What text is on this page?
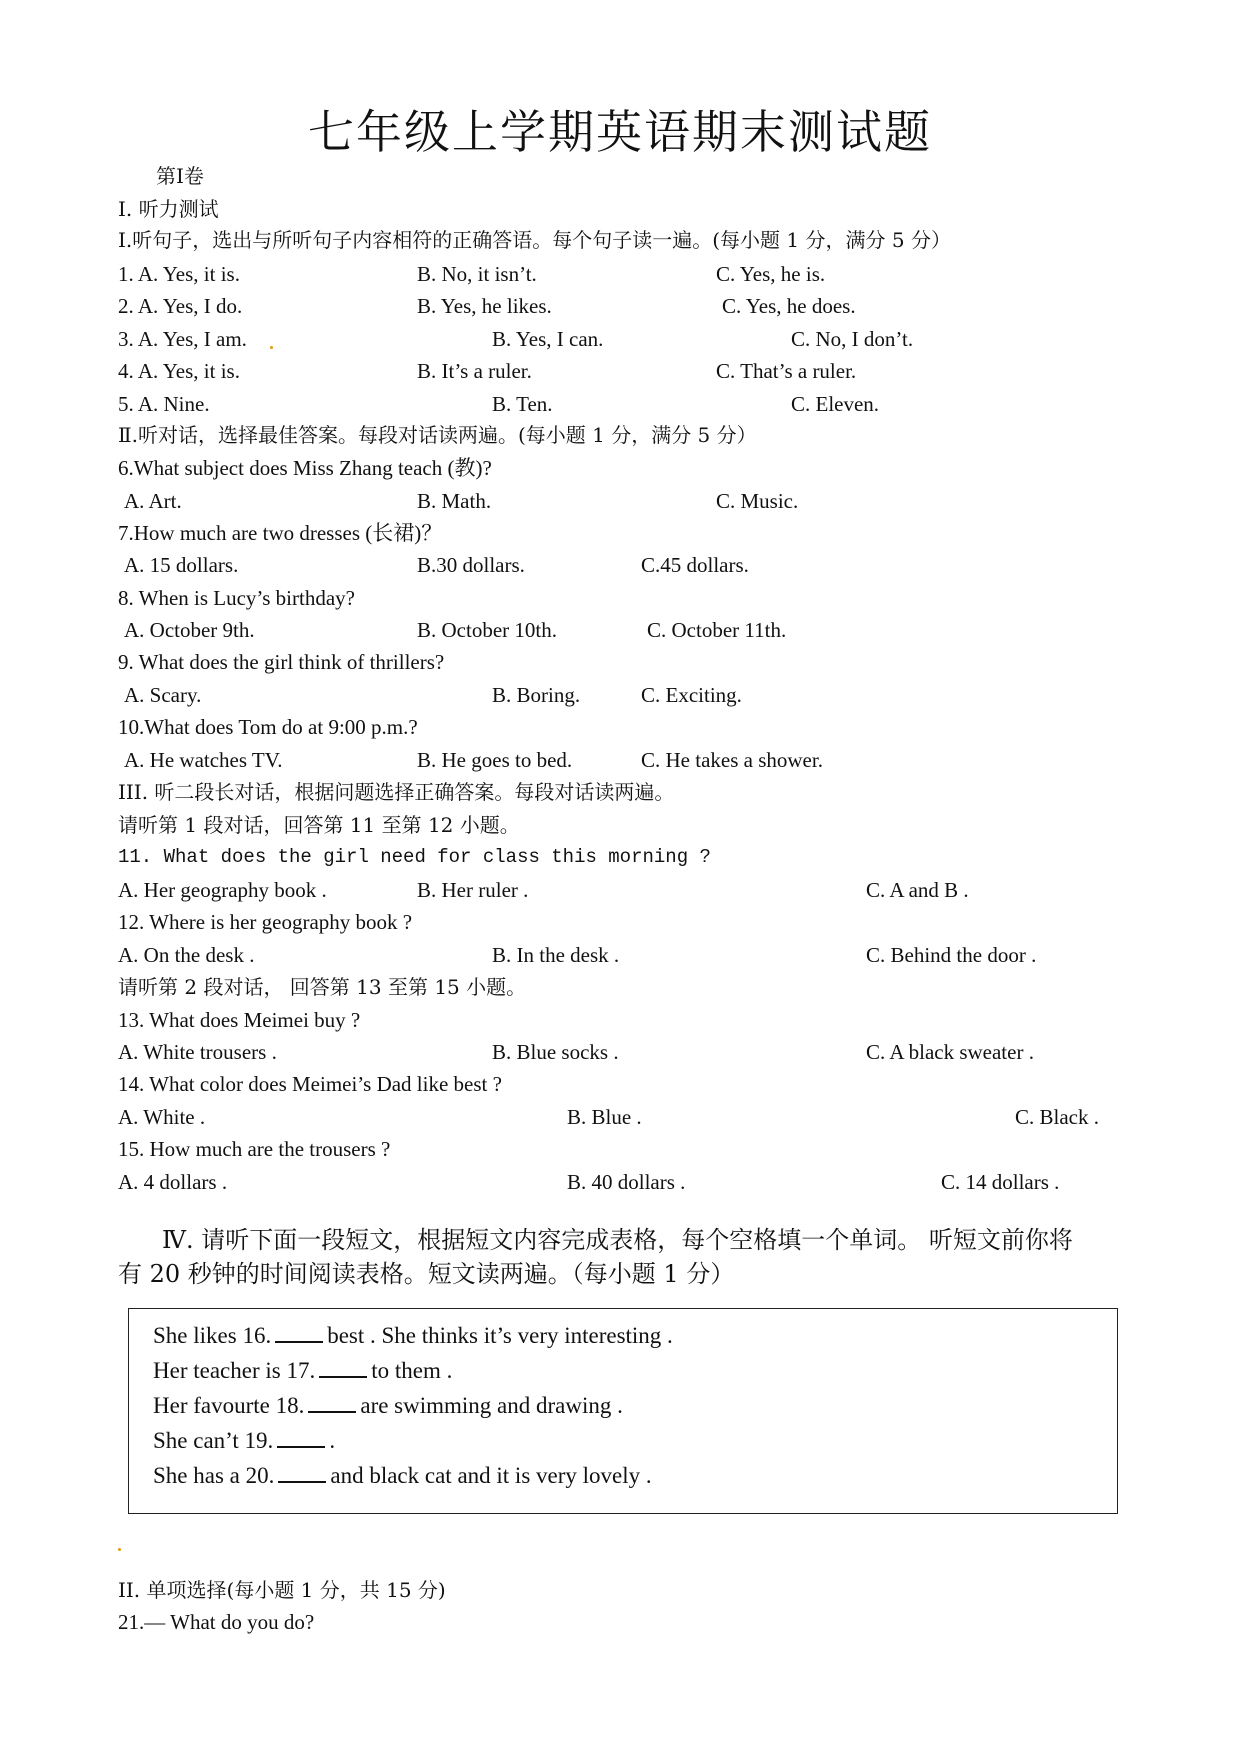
七年级上学期英语期末测试题
第Ⅰ卷
I. 听力测试
Ⅰ.听句子，选出与所听句子内容相符的正确答语。每个句子读一遍。(每小题 1 分，满分 5 分）
1. A. Yes, it is.	B. No, it isn’t.	C. Yes, he is.
2. A. Yes, I do.	B. Yes, he likes.	C. Yes, he does.
3. A. Yes, I am.	B. Yes, I can.	C. No, I don’t.
4. A. Yes, it is.	B. It’s a ruler.	C. That’s a ruler.
5. A. Nine.	B. Ten.	C. Eleven.
Ⅱ.听对话，选择最佳答案。每段对话读两遍。(每小题 1 分，满分 5 分）
6.What subject does Miss Zhang teach (教)?
A. Art.	B. Math.	C. Music.
7.How much are two dresses (长裙)？
A. 15 dollars.	B.30 dollars.	C.45 dollars.
8. When is Lucy’s birthday?
A. October 9th.	B. October 10th.	C. October 11th.
9. What does the girl think of thrillers?
A. Scary.	B. Boring.	C. Exciting.
10.What does Tom do at 9:00 p.m.?
A. He watches TV.	B. He goes to bed.	C. He takes a shower.
III. 听二段长对话，根据问题选择正确答案。每段对话读两遍。
请听第 1 段对话，回答第 11 至第 12 小题。
11. What does the girl need for class this morning ?
A. Her geography book .	B. Her ruler .	C. A and B .
12. Where is her geography book ?
A. On the desk .	B. In the desk .	C. Behind the door .
请听第 2 段对话， 回答第 13 至第 15 小题。
13. What does Meimei buy ?
A. White trousers .	B. Blue socks .	C. A black sweater .
14. What color does Meimei’s Dad like best ?
A. White .	B. Blue .	C. Black .
15. How much are the trousers ?
A. 4 dollars .	B. 40 dollars .	C. 14 dollars .
Ⅳ. 请听下面一段短文，根据短文内容完成表格，每个空格填一个单词。 听短文前你将
有 20 秒钟的时间阅读表格。短文读两遍。（每小题 1 分）
She likes 16. best . She thinks it’s very interesting .
Her teacher is 17. to them .
Her favourte 18. are swimming and drawing .
She can’t 19. .
She has a 20. and black cat and it is very lovely .
II. 单项选择(每小题 1 分，共 15 分)
21.— What do you do?
